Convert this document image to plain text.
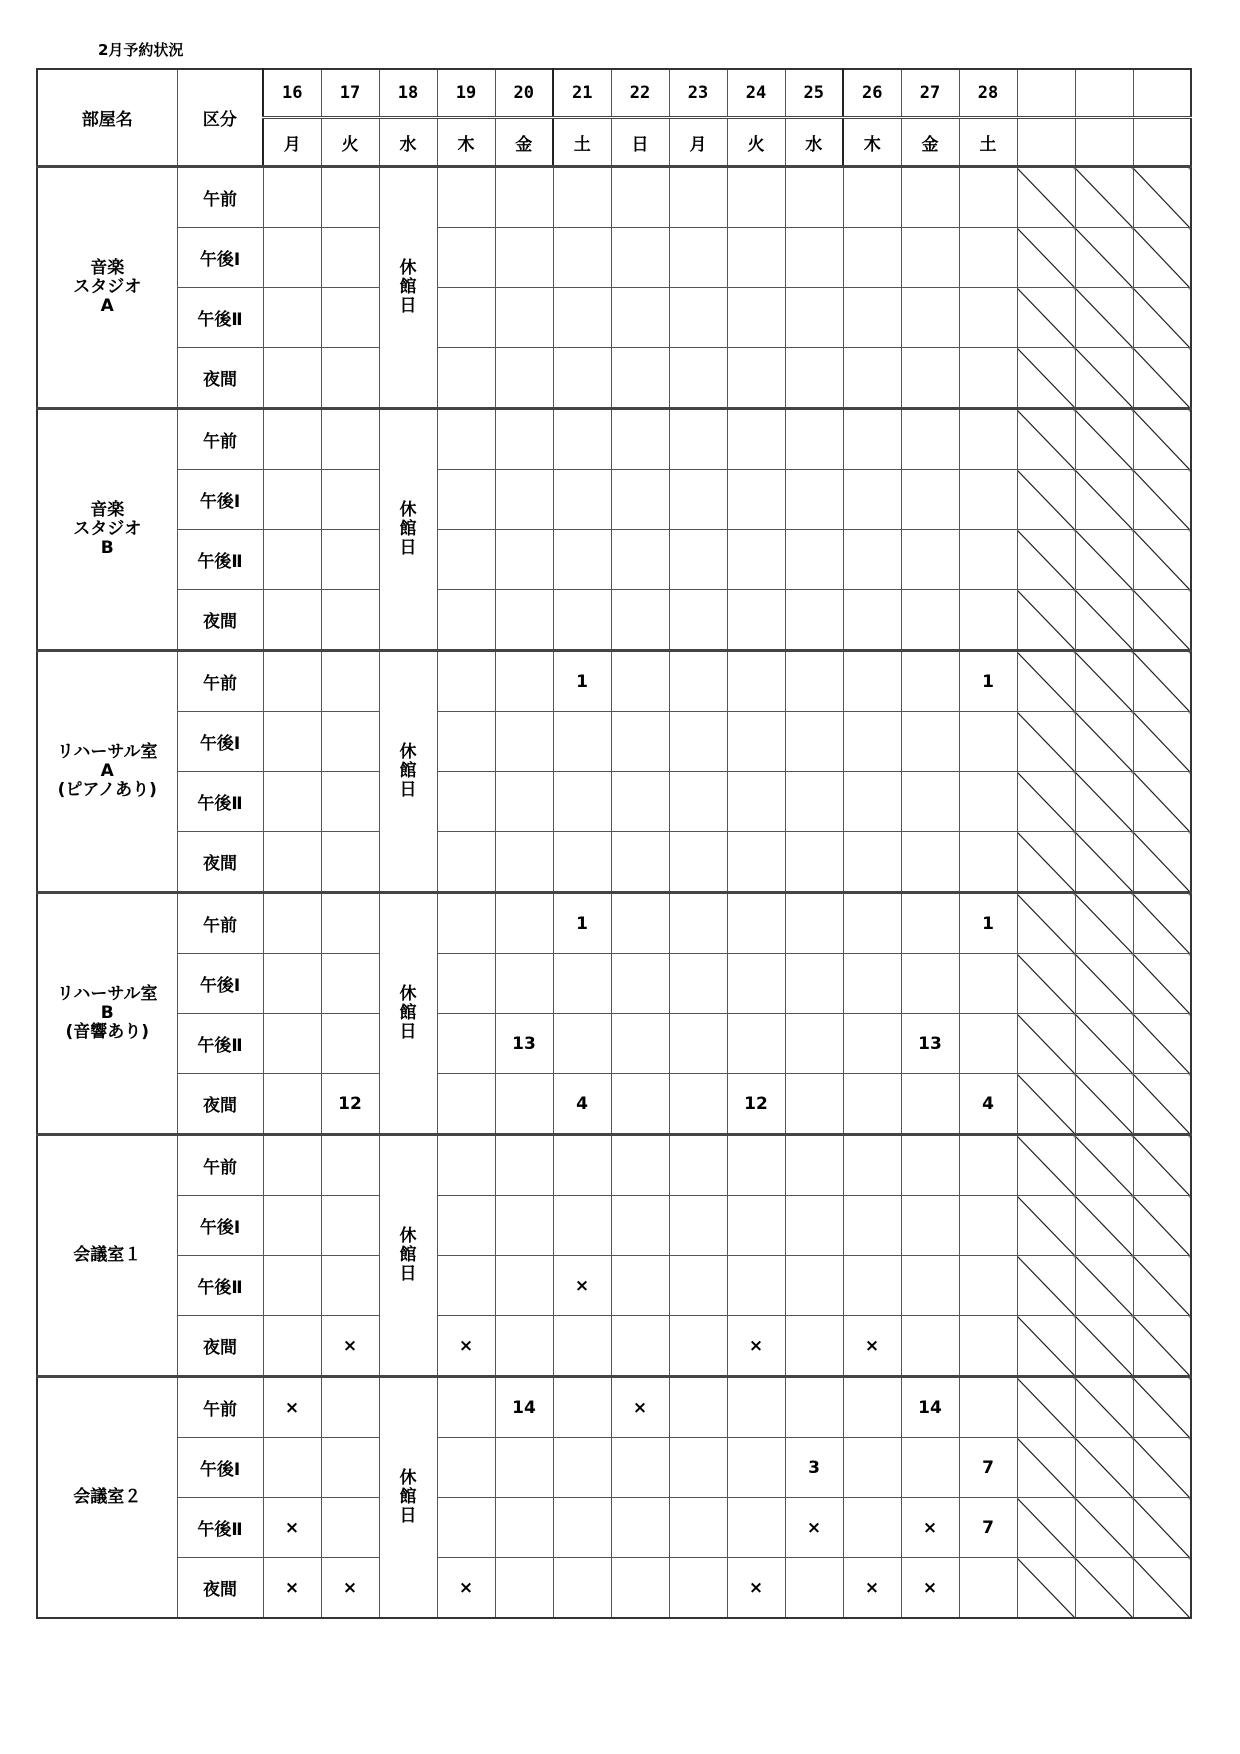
2月予約状況
部屋名	区分	16	17	18	19	20	21	22	23	24	25	26	27	28			
		月	火	水	木	金	土	日	月	火	水	木	金	土			

音楽
スタジオ
A	午前			休館日													
	午後Ⅰ																
	午後Ⅱ																
	夜間																

音楽
スタジオ
B	午前			休館日													
	午後Ⅰ																
	午後Ⅱ																
	夜間																

リハーサル室
A
(ピアノあり)	午前			休館日			1							1			
	午後Ⅰ																
	午後Ⅱ																
	夜間																

リハーサル室
B
(音響あり)	午前			休館日			1							1			
	午後Ⅰ																
	午後Ⅱ					13							13				
	夜間		12				4			12				4			

会議室１	午前			休館日													
	午後Ⅰ																
	午後Ⅱ						×										
	夜間		×		×					×		×					

会議室２	午前	×		休館日		14		×					14				
	午後Ⅰ										3			7			
	午後Ⅱ	×									×		×	7			
	夜間	×	×		×					×		×	×				
